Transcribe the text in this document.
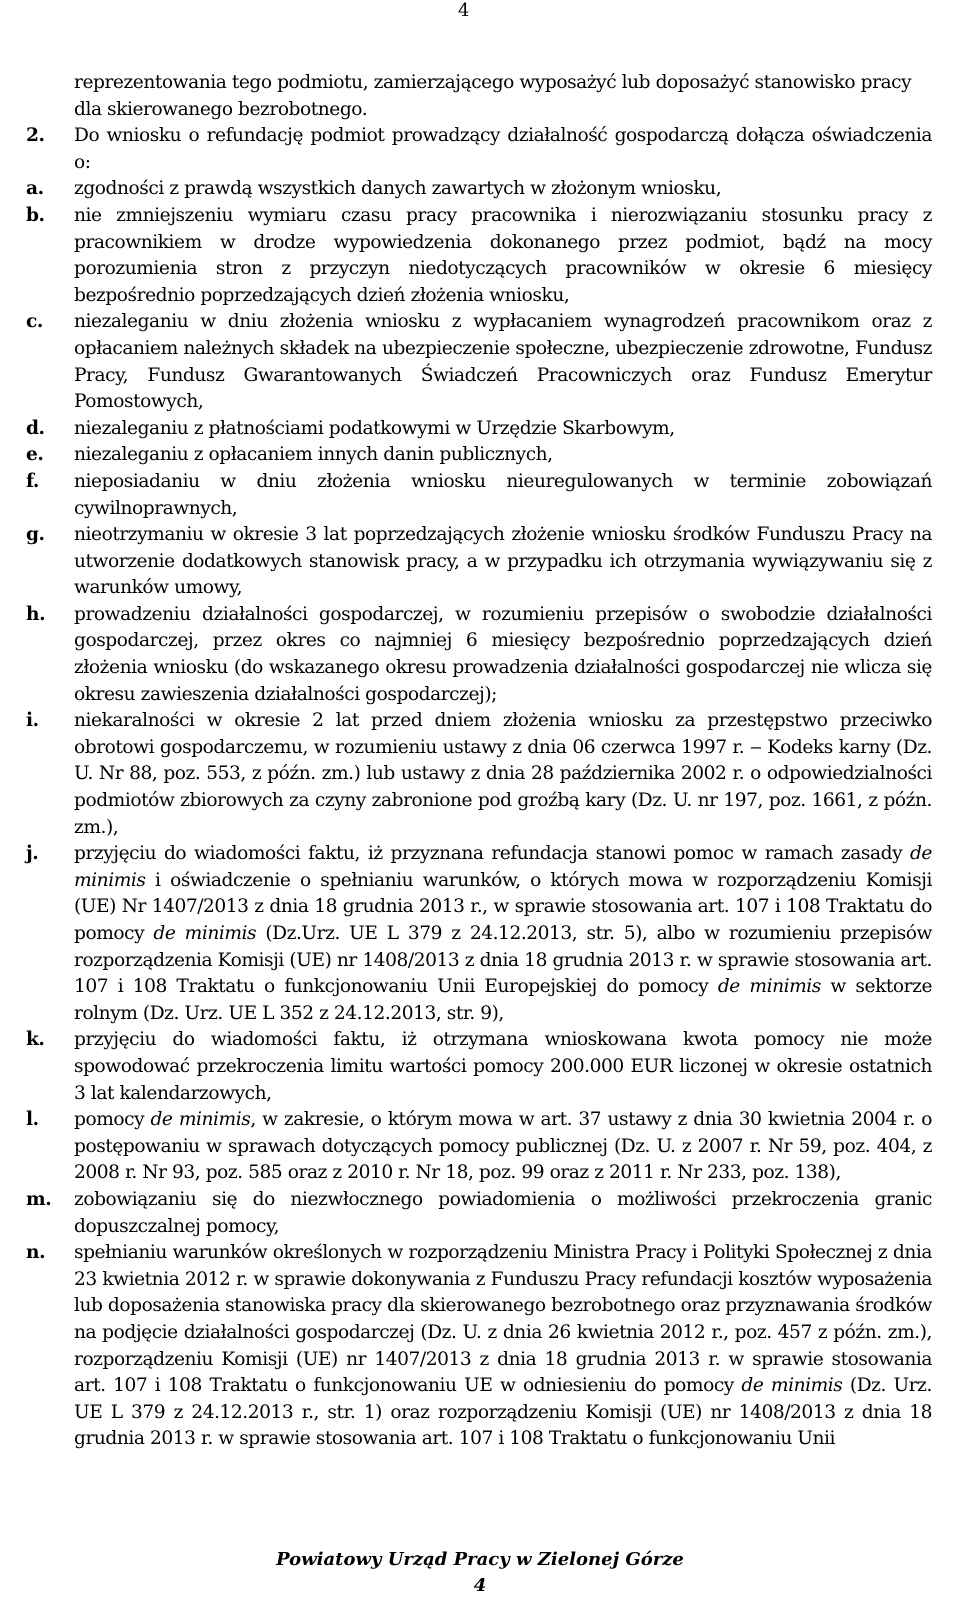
4
reprezentowania tego podmiotu, zamierzającego wyposażyć lub doposażyć stanowisko pracy dla skierowanego bezrobotnego.
2.	Do wniosku o refundację podmiot prowadzący działalność gospodarczą dołącza oświadczenia o:
a.	zgodności z prawdą wszystkich danych zawartych w złożonym wniosku,
b.	nie zmniejszeniu wymiaru czasu pracy pracownika i nierozwiązaniu stosunku pracy z pracownikiem w drodze wypowiedzenia dokonanego przez podmiot, bądź na mocy porozumienia stron z przyczyn niedotyczących pracowników w okresie 6 miesięcy bezpośrednio poprzedzających dzień złożenia wniosku,
c.	niezaleganiu w dniu złożenia wniosku z wypłacaniem wynagrodzeń pracownikom oraz z opłacaniem należnych składek na ubezpieczenie społeczne, ubezpieczenie zdrowotne, Fundusz Pracy, Fundusz Gwarantowanych Świadczeń Pracowniczych oraz Fundusz Emerytur Pomostowych,
d.	niezaleganiu z płatnościami podatkowymi w Urzędzie Skarbowym,
e.	niezaleganiu z opłacaniem innych danin publicznych,
f.	nieposiadaniu w dniu złożenia wniosku nieuregulowanych w terminie zobowiązań cywilnoprawnych,
g.	nieotrzymaniu w okresie 3 lat poprzedzających złożenie wniosku środków Funduszu Pracy na utworzenie dodatkowych stanowisk pracy, a w przypadku ich otrzymania wywiązywaniu się z warunków umowy,
h.	prowadzeniu działalności gospodarczej, w rozumieniu przepisów o swobodzie działalności gospodarczej, przez okres co najmniej 6 miesięcy bezpośrednio poprzedzających dzień złożenia wniosku (do wskazanego okresu prowadzenia działalności gospodarczej nie wlicza się okresu zawieszenia działalności gospodarczej);
i.	niekaralności w okresie 2 lat przed dniem złożenia wniosku za przestępstwo przeciwko obrotowi gospodarczemu, w rozumieniu ustawy z dnia 06 czerwca 1997 r. ‒ Kodeks karny (Dz. U. Nr 88, poz. 553, z późn. zm.) lub ustawy z dnia 28 października 2002 r. o odpowiedzialności podmiotów zbiorowych za czyny zabronione pod groźbą kary (Dz. U. nr 197, poz. 1661, z późn. zm.),
j.	przyjęciu do wiadomości faktu, iż przyznana refundacja stanowi pomoc w ramach zasady de minimis i oświadczenie o spełnianiu warunków, o których mowa w rozporządzeniu Komisji (UE) Nr 1407/2013 z dnia 18 grudnia 2013 r., w sprawie stosowania art. 107 i 108 Traktatu do pomocy de minimis (Dz.Urz. UE L 379 z 24.12.2013, str. 5), albo w rozumieniu przepisów rozporządzenia Komisji (UE) nr 1408/2013 z dnia 18 grudnia 2013 r. w sprawie stosowania art. 107 i 108 Traktatu o funkcjonowaniu Unii Europejskiej do pomocy de minimis w sektorze rolnym (Dz. Urz. UE L 352 z 24.12.2013, str. 9),
k.	przyjęciu do wiadomości faktu, iż otrzymana wnioskowana kwota pomocy nie może spowodować przekroczenia limitu wartości pomocy 200.000 EUR liczonej w okresie ostatnich 3 lat kalendarzowych,
l.	pomocy de minimis, w zakresie, o którym mowa w art. 37 ustawy z dnia 30 kwietnia 2004 r. o postępowaniu w sprawach dotyczących pomocy publicznej (Dz. U. z 2007 r. Nr 59, poz. 404, z 2008 r. Nr 93, poz. 585 oraz z 2010 r. Nr 18, poz. 99 oraz z 2011 r. Nr 233, poz. 138),
m.	zobowiązaniu się do niezwłocznego powiadomienia o możliwości przekroczenia granic dopuszczalnej pomocy,
n.	spełnianiu warunków określonych w rozporządzeniu Ministra Pracy i Polityki Społecznej z dnia 23 kwietnia 2012 r. w sprawie dokonywania z Funduszu Pracy refundacji kosztów wyposażenia lub doposażenia stanowiska pracy dla skierowanego bezrobotnego oraz przyznawania środków na podjęcie działalności gospodarczej (Dz. U. z dnia 26 kwietnia 2012 r., poz. 457 z późn. zm.), rozporządzeniu Komisji (UE) nr 1407/2013 z dnia 18 grudnia 2013 r. w sprawie stosowania art. 107 i 108 Traktatu o funkcjonowaniu UE w odniesieniu do pomocy de minimis (Dz. Urz. UE L 379 z 24.12.2013 r., str. 1) oraz rozporządzeniu Komisji (UE) nr 1408/2013 z dnia 18 grudnia 2013 r. w sprawie stosowania art. 107 i 108 Traktatu o funkcjonowaniu Unii
Powiatowy Urząd Pracy w Zielonej Górze
4
